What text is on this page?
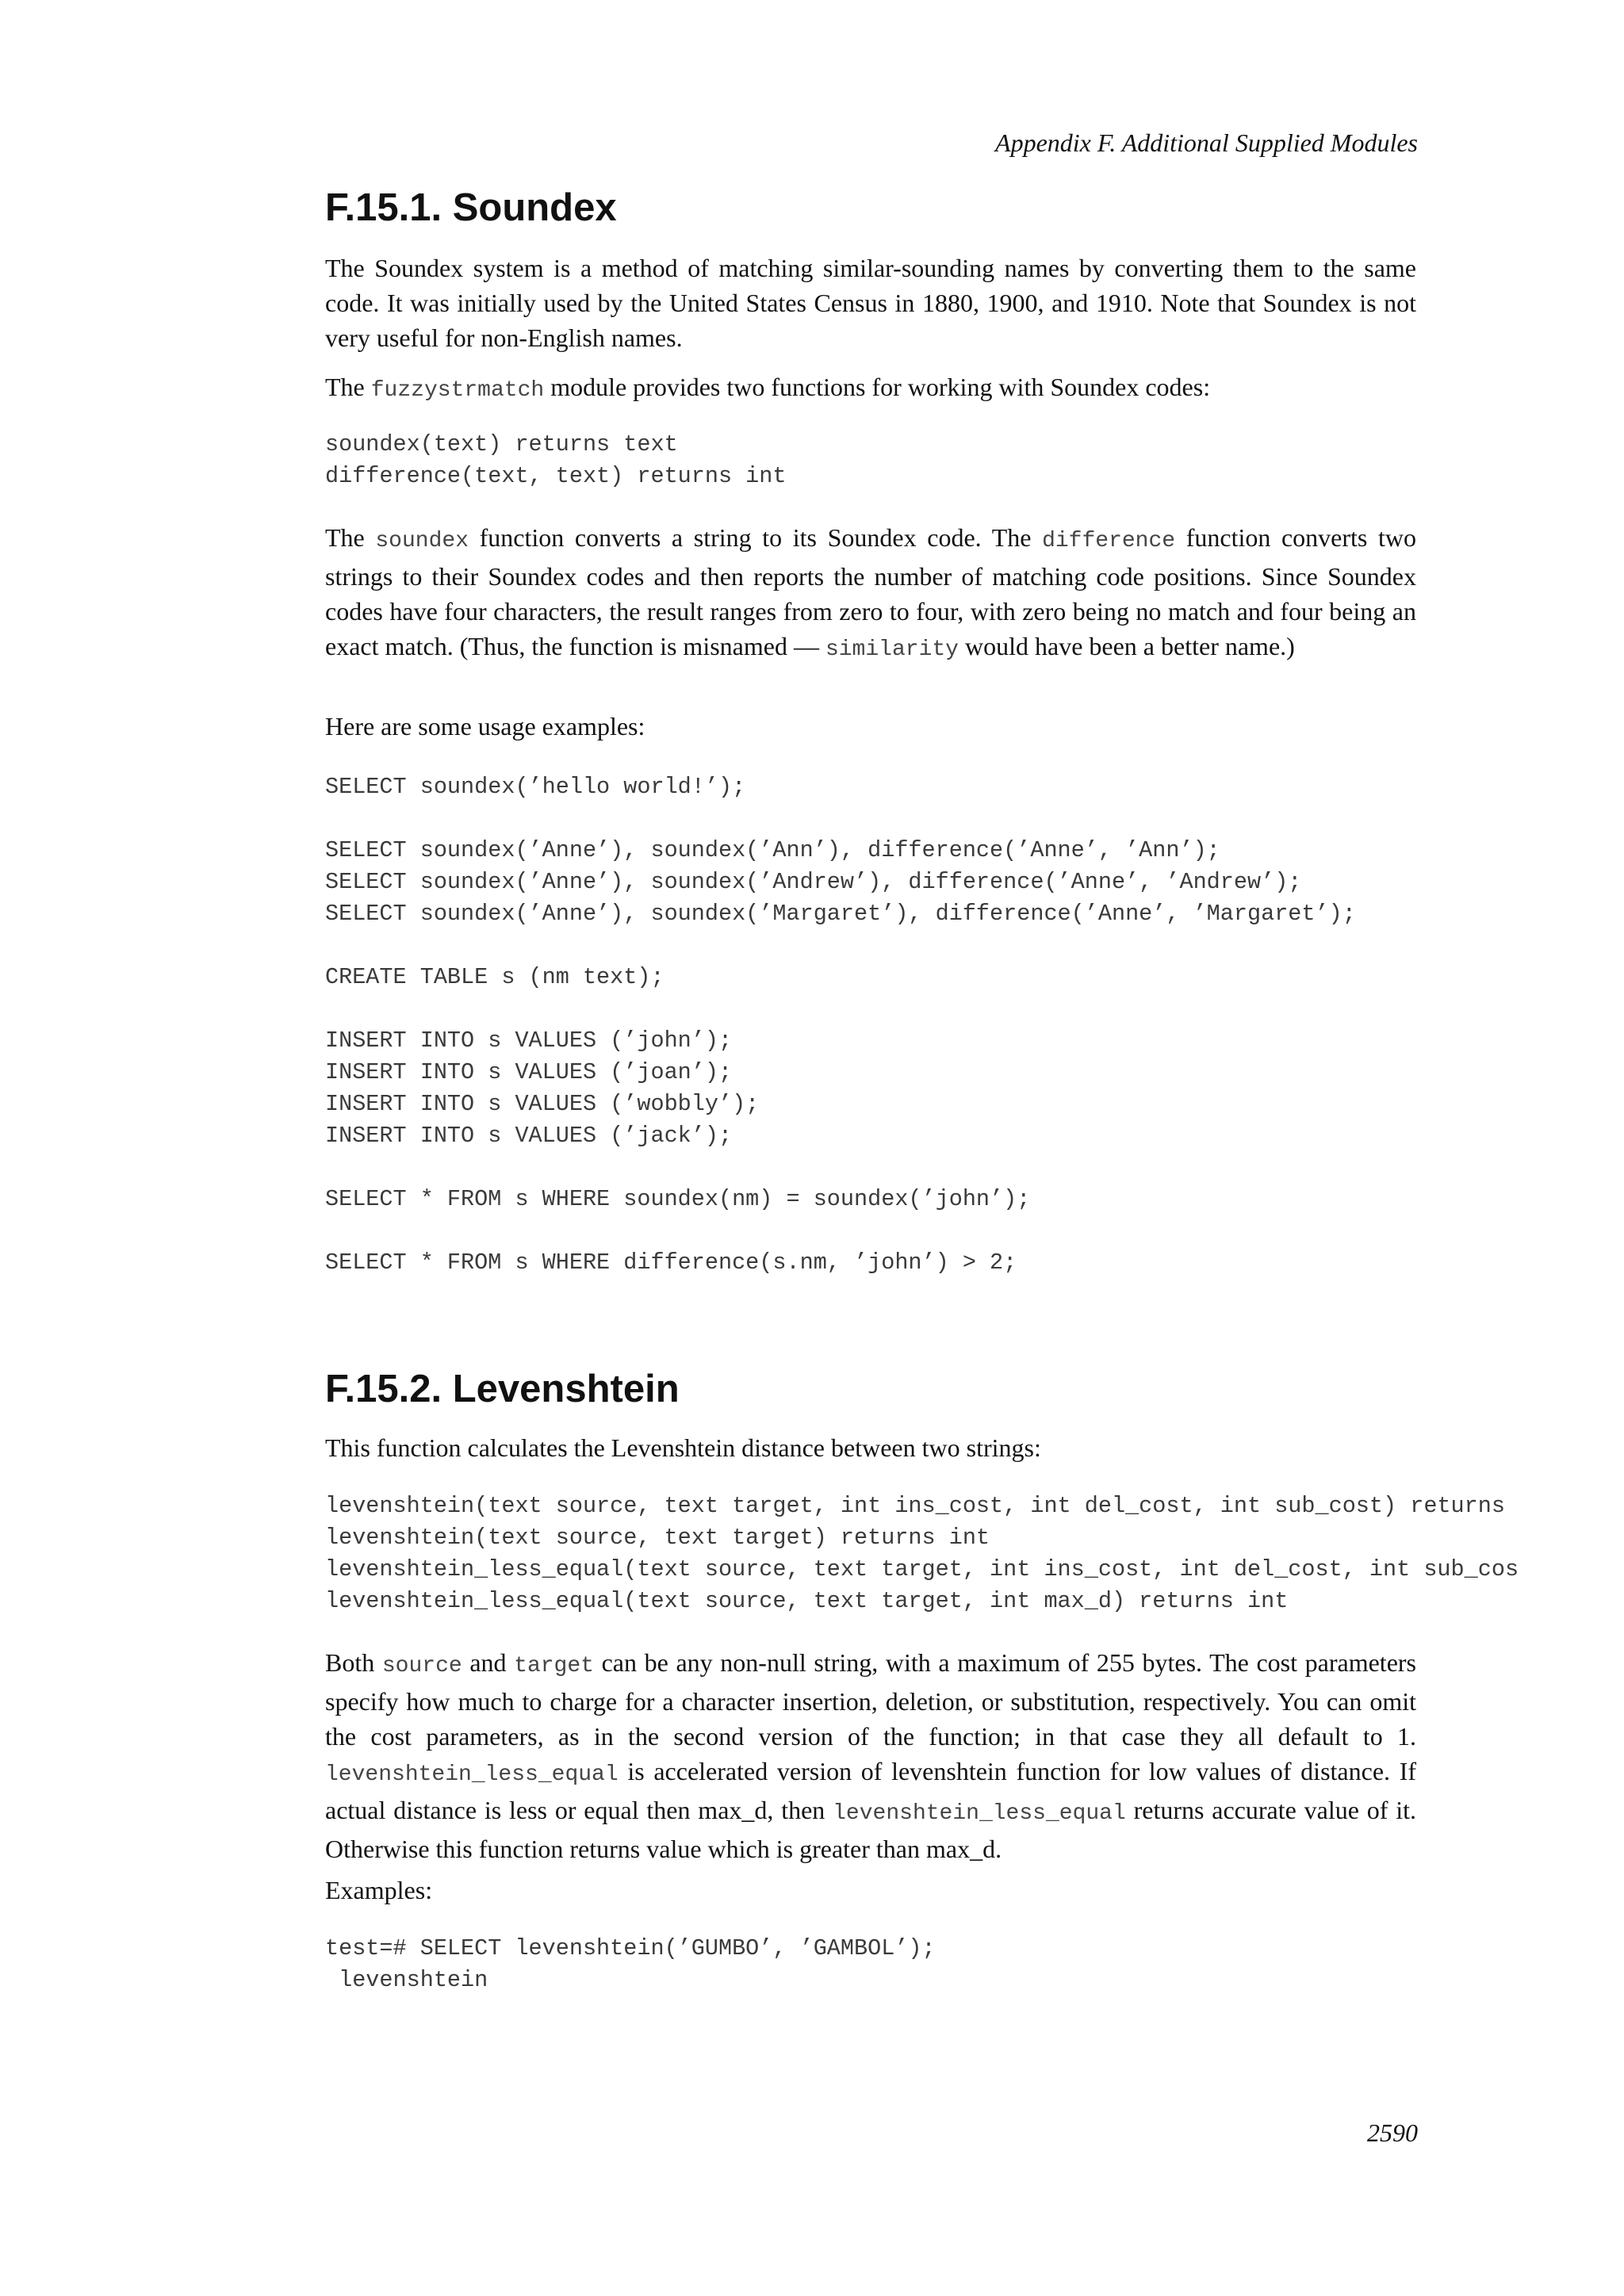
Appendix F. Additional Supplied Modules
F.15.1. Soundex

The Soundex system is a method of matching similar-sounding names by converting them to the same code. It was initially used by the United States Census in 1880, 1900, and 1910. Note that Soundex is not very useful for non-English names.

The fuzzystrmatch module provides two functions for working with Soundex codes:

soundex(text) returns text
difference(text, text) returns int

The soundex function converts a string to its Soundex code. The difference function converts two strings to their Soundex codes and then reports the number of matching code positions. Since Soundex codes have four characters, the result ranges from zero to four, with zero being no match and four being an exact match. (Thus, the function is misnamed — similarity would have been a better name.)

Here are some usage examples:

SELECT soundex(’hello world!’);
SELECT soundex(’Anne’), soundex(’Ann’), difference(’Anne’, ’Ann’);
SELECT soundex(’Anne’), soundex(’Andrew’), difference(’Anne’, ’Andrew’);
SELECT soundex(’Anne’), soundex(’Margaret’), difference(’Anne’, ’Margaret’);
CREATE TABLE s (nm text);
INSERT INTO s VALUES (’john’);
INSERT INTO s VALUES (’joan’);
INSERT INTO s VALUES (’wobbly’);
INSERT INTO s VALUES (’jack’);
SELECT * FROM s WHERE soundex(nm) = soundex(’john’);
SELECT * FROM s WHERE difference(s.nm, ’john’) > 2;
F.15.2. Levenshtein

This function calculates the Levenshtein distance between two strings:

levenshtein(text source, text target, int ins_cost, int del_cost, int sub_cost) returns
levenshtein(text source, text target) returns int
levenshtein_less_equal(text source, text target, int ins_cost, int del_cost, int sub_cos
levenshtein_less_equal(text source, text target, int max_d) returns int

Both source and target can be any non-null string, with a maximum of 255 bytes. The cost parameters specify how much to charge for a character insertion, deletion, or substitution, respectively. You can omit the cost parameters, as in the second version of the function; in that case they all default to 1. levenshtein_less_equal is accelerated version of levenshtein function for low values of distance. If actual distance is less or equal then max_d, then levenshtein_less_equal returns accurate value of it. Otherwise this function returns value which is greater than max_d.

Examples:

test=# SELECT levenshtein(’GUMBO’, ’GAMBOL’);
levenshtein
2590
